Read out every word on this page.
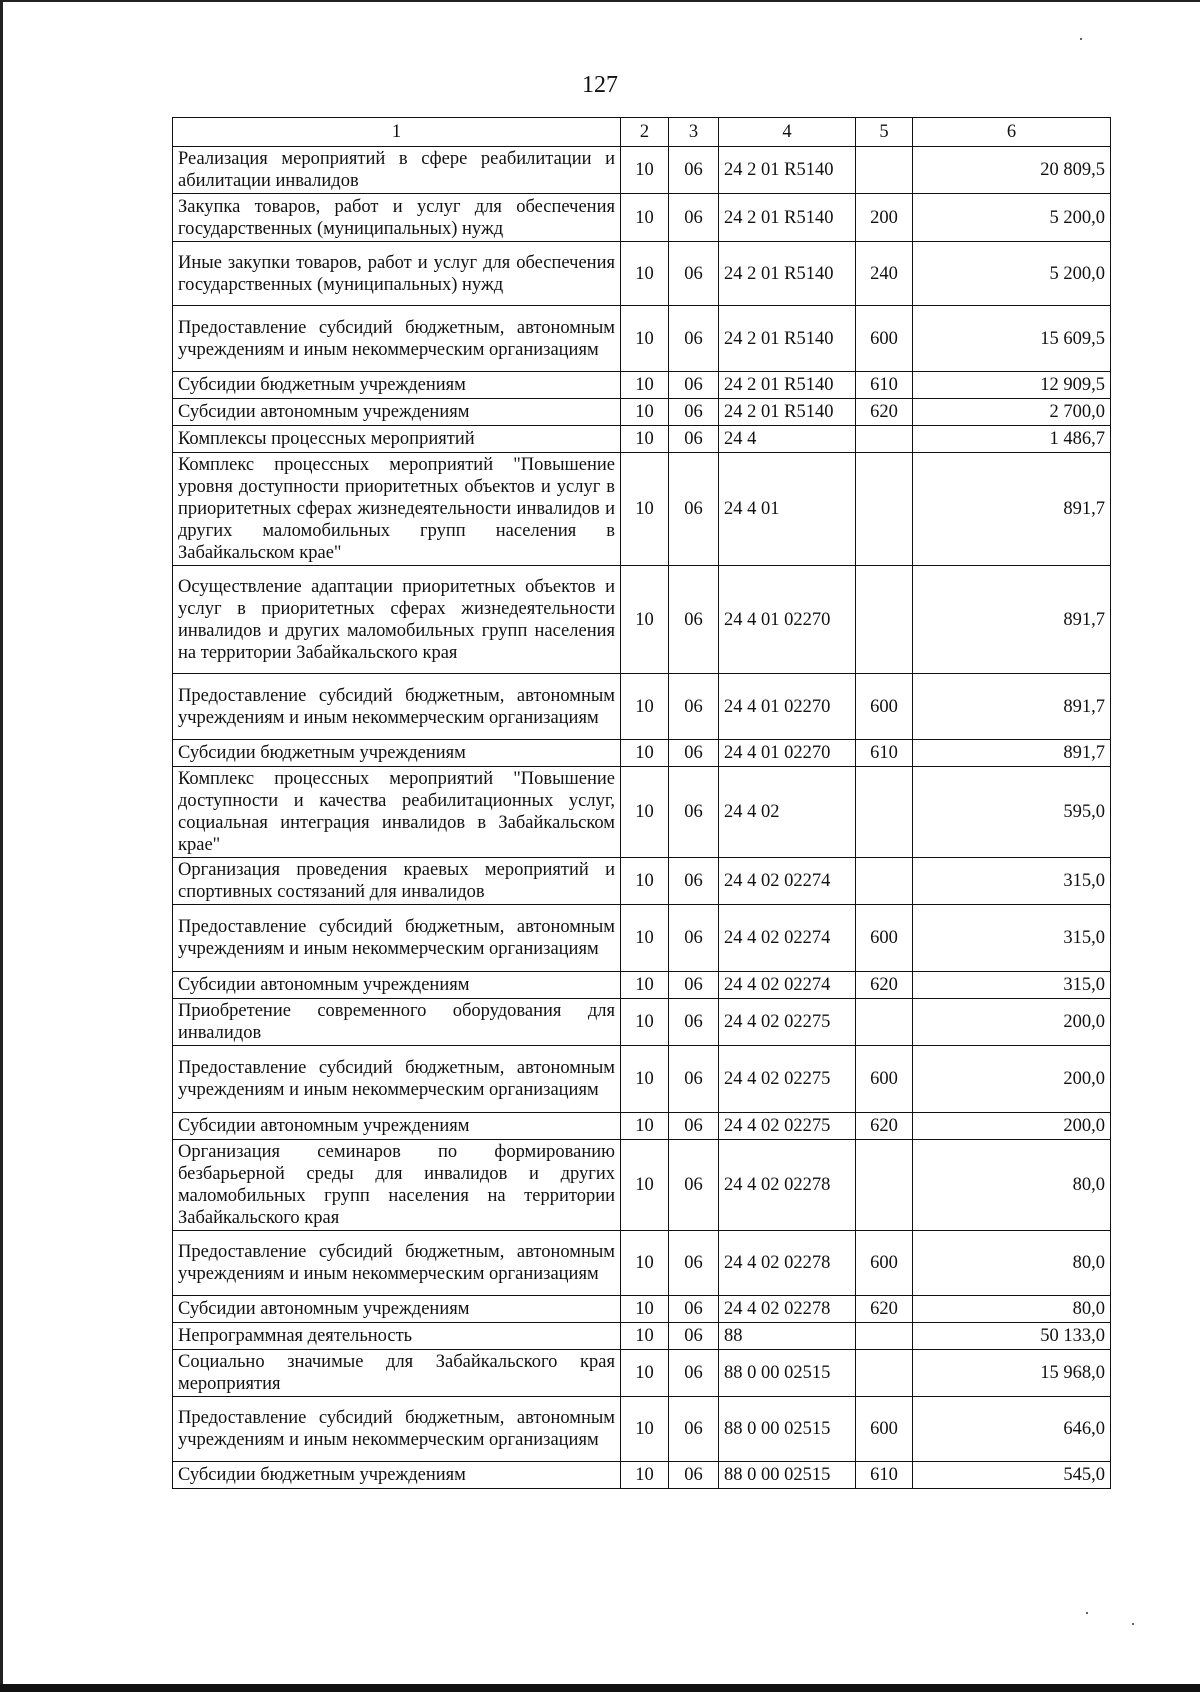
127
1	2	3	4	5	6
Реализация мероприятий в сфере реабилитации и абилитации инвалидов	10	06	24 2 01 R5140		20 809,5
Закупка товаров, работ и услуг для обеспечения государственных (муниципальных) нужд	10	06	24 2 01 R5140	200	5 200,0
Иные закупки товаров, работ и услуг для обеспечения государственных (муниципальных) нужд	10	06	24 2 01 R5140	240	5 200,0
Предоставление субсидий бюджетным, автономным учреждениям и иным некоммерческим организациям	10	06	24 2 01 R5140	600	15 609,5
Субсидии бюджетным учреждениям	10	06	24 2 01 R5140	610	12 909,5
Субсидии автономным учреждениям	10	06	24 2 01 R5140	620	2 700,0
Комплексы процессных мероприятий	10	06	24 4		1 486,7
Комплекс процессных мероприятий "Повышение уровня доступности приоритетных объектов и услуг в приоритетных сферах жизнедеятельности инвалидов и других маломобильных групп населения в Забайкальском крае"	10	06	24 4 01		891,7
Осуществление адаптации приоритетных объектов и услуг в приоритетных сферах жизнедеятельности инвалидов и других маломобильных групп населения на территории Забайкальского края	10	06	24 4 01 02270		891,7
Предоставление субсидий бюджетным, автономным учреждениям и иным некоммерческим организациям	10	06	24 4 01 02270	600	891,7
Субсидии бюджетным учреждениям	10	06	24 4 01 02270	610	891,7
Комплекс процессных мероприятий "Повышение доступности и качества реабилитационных услуг, социальная интеграция инвалидов в Забайкальском крае"	10	06	24 4 02		595,0
Организация проведения краевых мероприятий и спортивных состязаний для инвалидов	10	06	24 4 02 02274		315,0
Предоставление субсидий бюджетным, автономным учреждениям и иным некоммерческим организациям	10	06	24 4 02 02274	600	315,0
Субсидии автономным учреждениям	10	06	24 4 02 02274	620	315,0
Приобретение современного оборудования для инвалидов	10	06	24 4 02 02275		200,0
Предоставление субсидий бюджетным, автономным учреждениям и иным некоммерческим организациям	10	06	24 4 02 02275	600	200,0
Субсидии автономным учреждениям	10	06	24 4 02 02275	620	200,0
Организация семинаров по формированию безбарьерной среды для инвалидов и других маломобильных групп населения на территории Забайкальского края	10	06	24 4 02 02278		80,0
Предоставление субсидий бюджетным, автономным учреждениям и иным некоммерческим организациям	10	06	24 4 02 02278	600	80,0
Субсидии автономным учреждениям	10	06	24 4 02 02278	620	80,0
Непрограммная деятельность	10	06	88		50 133,0
Социально значимые для Забайкальского края мероприятия	10	06	88 0 00 02515		15 968,0
Предоставление субсидий бюджетным, автономным учреждениям и иным некоммерческим организациям	10	06	88 0 00 02515	600	646,0
Субсидии бюджетным учреждениям	10	06	88 0 00 02515	610	545,0
